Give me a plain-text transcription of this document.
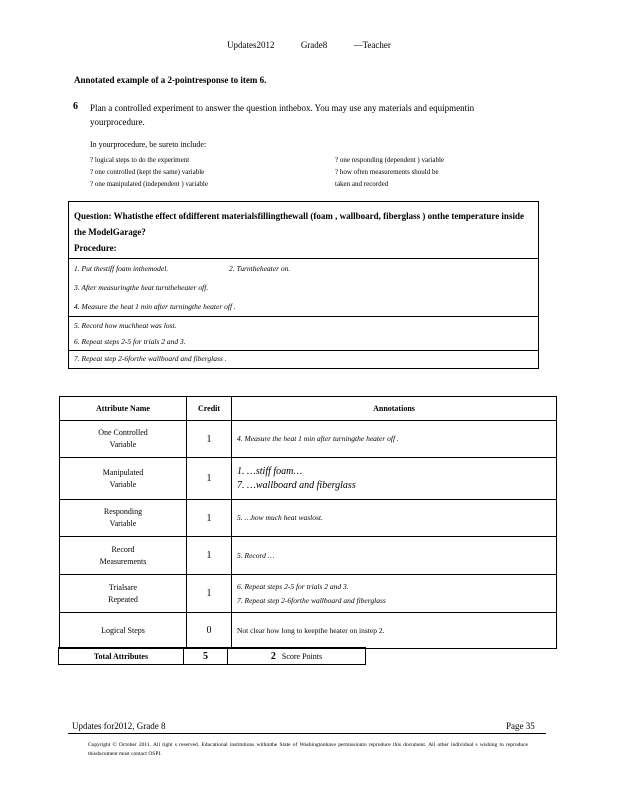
Updates2012	Grade8	—Teacher
Annotated example of a 2-pointresponse to item 6.
6 Plan a controlled experiment to answer the question inthebox. You may use any materials and equipmentin yourprocedure.
In yourprocedure, be sureto include:
? logical steps to do the experiment
? one controlled (kept the same) variable
? one manipulated (independent ) variable
? one responding (dependent ) variable
? how often measurements should be
taken and recorded
Question: Whatisthe effect ofdifferent materialsfillingthewall (foam , wallboard, fiberglass ) onthe temperature inside the ModelGarage?
Procedure:
1. Put thestiff foam inthemodel.	2. Turntheheater on.
3. After measuringthe heat turntheheater off.
4. Measure the heat 1 min after turningthe heater off .
5. Record how muchheat was lost.
6. Repeat steps 2-5 for trials 2 and 3.
7. Repeat step 2-6forthe wallboard and fiberglass .
Attribute Name	Credit	Annotations
One Controlled
Variable	1	4. Measure the heat 1 min after turningthe heater off .
Manipulated
Variable	1	1. …stiff foam…
7. …wallboard and fiberglass
Responding
Variable	1	5. …how much heat waslost.
Record
Measurements	1	5. Record …
Trialsare
Repeated	1	6. Repeat steps 2-5 for trials 2 and 3.
7. Repeat step 2-6forthe wallboard and fiberglass
Logical Steps	0	Not clear how long to keepthe heater on instep 2.
Total Attributes	5	2 Score Points
Updates for2012, Grade 8	Page 35
Copyright © October 2011. All right s reserved. Educational institutions withinthe State of Washingtonhave permissionto reproduce this document. All other individual s wishing to reproduce thisdocument must contact OSPI.
